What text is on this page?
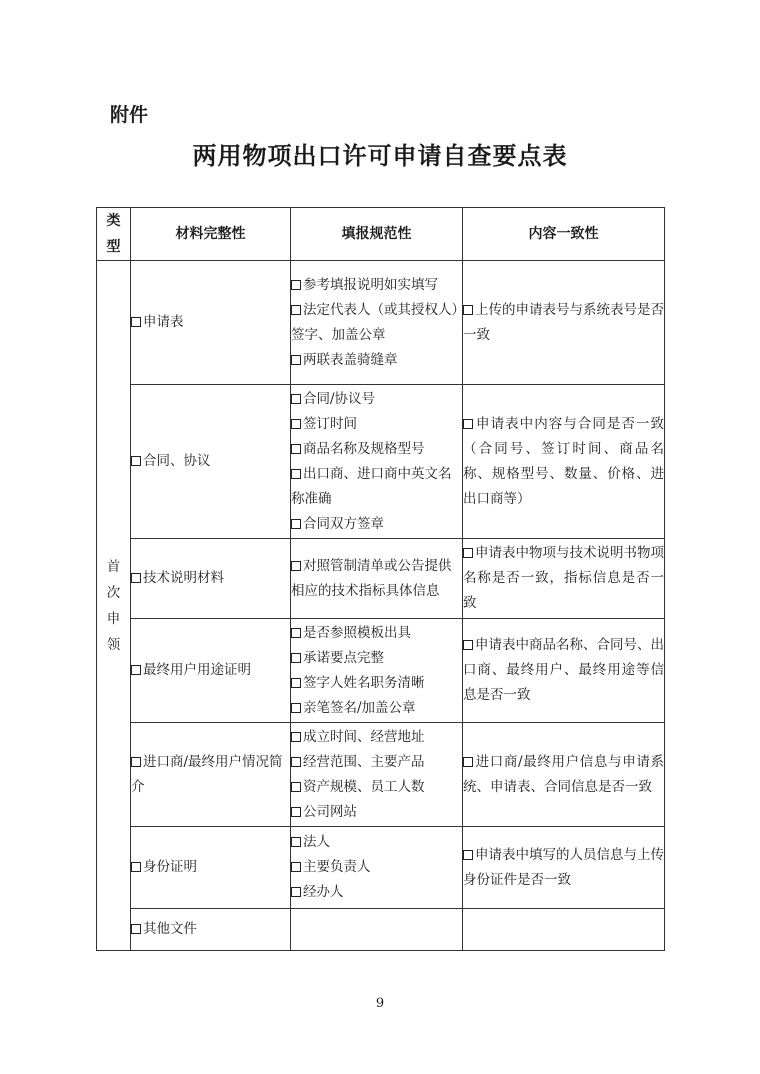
附件
两用物项出口许可申请自查要点表
类
型	材料完整性	填报规范性	内容一致性

首
次
申
领	申请表	参考填报说明如实填写
法定代表人（或其授权人）签字、加盖公章
两联表盖骑缝章	上传的申请表号与系统表号是否一致
	合同、协议	合同/协议号
签订时间
商品名称及规格型号
出口商、进口商中英文名称准确
合同双方签章	申请表中内容与合同是否一致（合同号、签订时间、商品名称、规格型号、数量、价格、进出口商等）
	技术说明材料	对照管制清单或公告提供相应的技术指标具体信息	申请表中物项与技术说明书物项名称是否一致，指标信息是否一致
	最终用户用途证明	是否参照模板出具
承诺要点完整
签字人姓名职务清晰
亲笔签名/加盖公章	申请表中商品名称、合同号、出口商、最终用户、最终用途等信息是否一致
	进口商/最终用户情况简介	成立时间、经营地址
经营范围、主要产品
资产规模、员工人数
公司网站	进口商/最终用户信息与申请系统、申请表、合同信息是否一致
	身份证明	法人
主要负责人
经办人	申请表中填写的人员信息与上传身份证件是否一致
	其他文件		
9
